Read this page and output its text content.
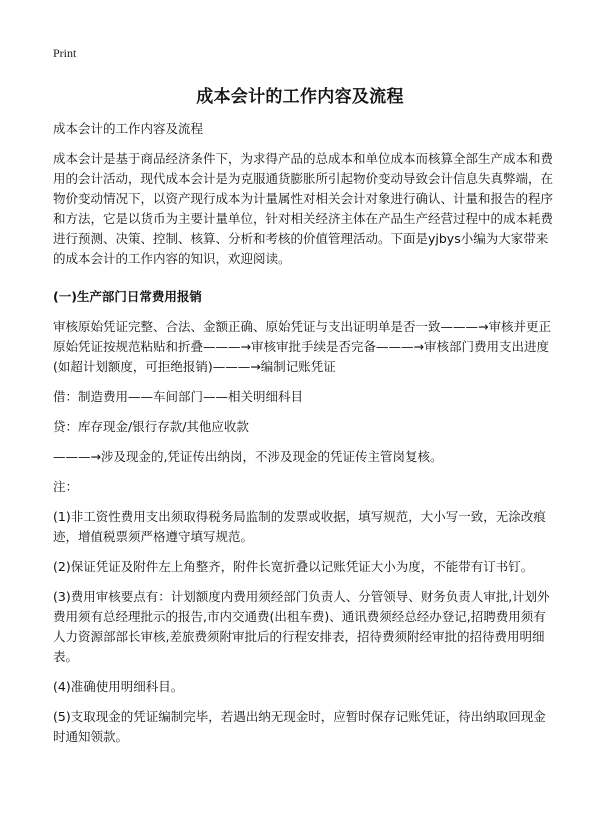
Print
成本会计的工作内容及流程

成本会计的工作内容及流程

成本会计是基于商品经济条件下，为求得产品的总成本和单位成本而核算全部生产成本和费用的会计活动，现代成本会计是为克服通货膨胀所引起物价变动导致会计信息失真弊端，在物价变动情况下，以资产现行成本为计量属性对相关会计对象进行确认、计量和报告的程序和方法，它是以货币为主要计量单位，针对相关经济主体在产品生产经营过程中的成本耗费进行预测、决策、控制、核算、分析和考核的价值管理活动。下面是yjbys小编为大家带来的成本会计的工作内容的知识，欢迎阅读。

(一)生产部门日常费用报销

审核原始凭证完整、合法、金额正确、原始凭证与支出证明单是否一致———→审核并更正原始凭证按规范粘贴和折叠———→审核审批手续是否完备———→审核部门费用支出进度(如超计划额度，可拒绝报销)———→编制记账凭证

借：制造费用——车间部门——相关明细科目

贷：库存现金/银行存款/其他应收款

———→涉及现金的,凭证传出纳岗，不涉及现金的凭证传主管岗复核。

注：

(1)非工资性费用支出须取得税务局监制的发票或收据，填写规范，大小写一致，无涂改痕迹，增值税票须严格遵守填写规范。

(2)保证凭证及附件左上角整齐，附件长宽折叠以记账凭证大小为度，不能带有订书钉。

(3)费用审核要点有：计划额度内费用须经部门负责人、分管领导、财务负责人审批,计划外费用须有总经理批示的报告,市内交通费(出租车费)、通讯费须经总经办登记,招聘费用须有人力资源部部长审核,差旅费须附审批后的行程安排表，招待费须附经审批的招待费用明细表。

(4)准确使用明细科目。

(5)支取现金的凭证编制完毕，若遇出纳无现金时，应暂时保存记账凭证，待出纳取回现金时通知领款。
